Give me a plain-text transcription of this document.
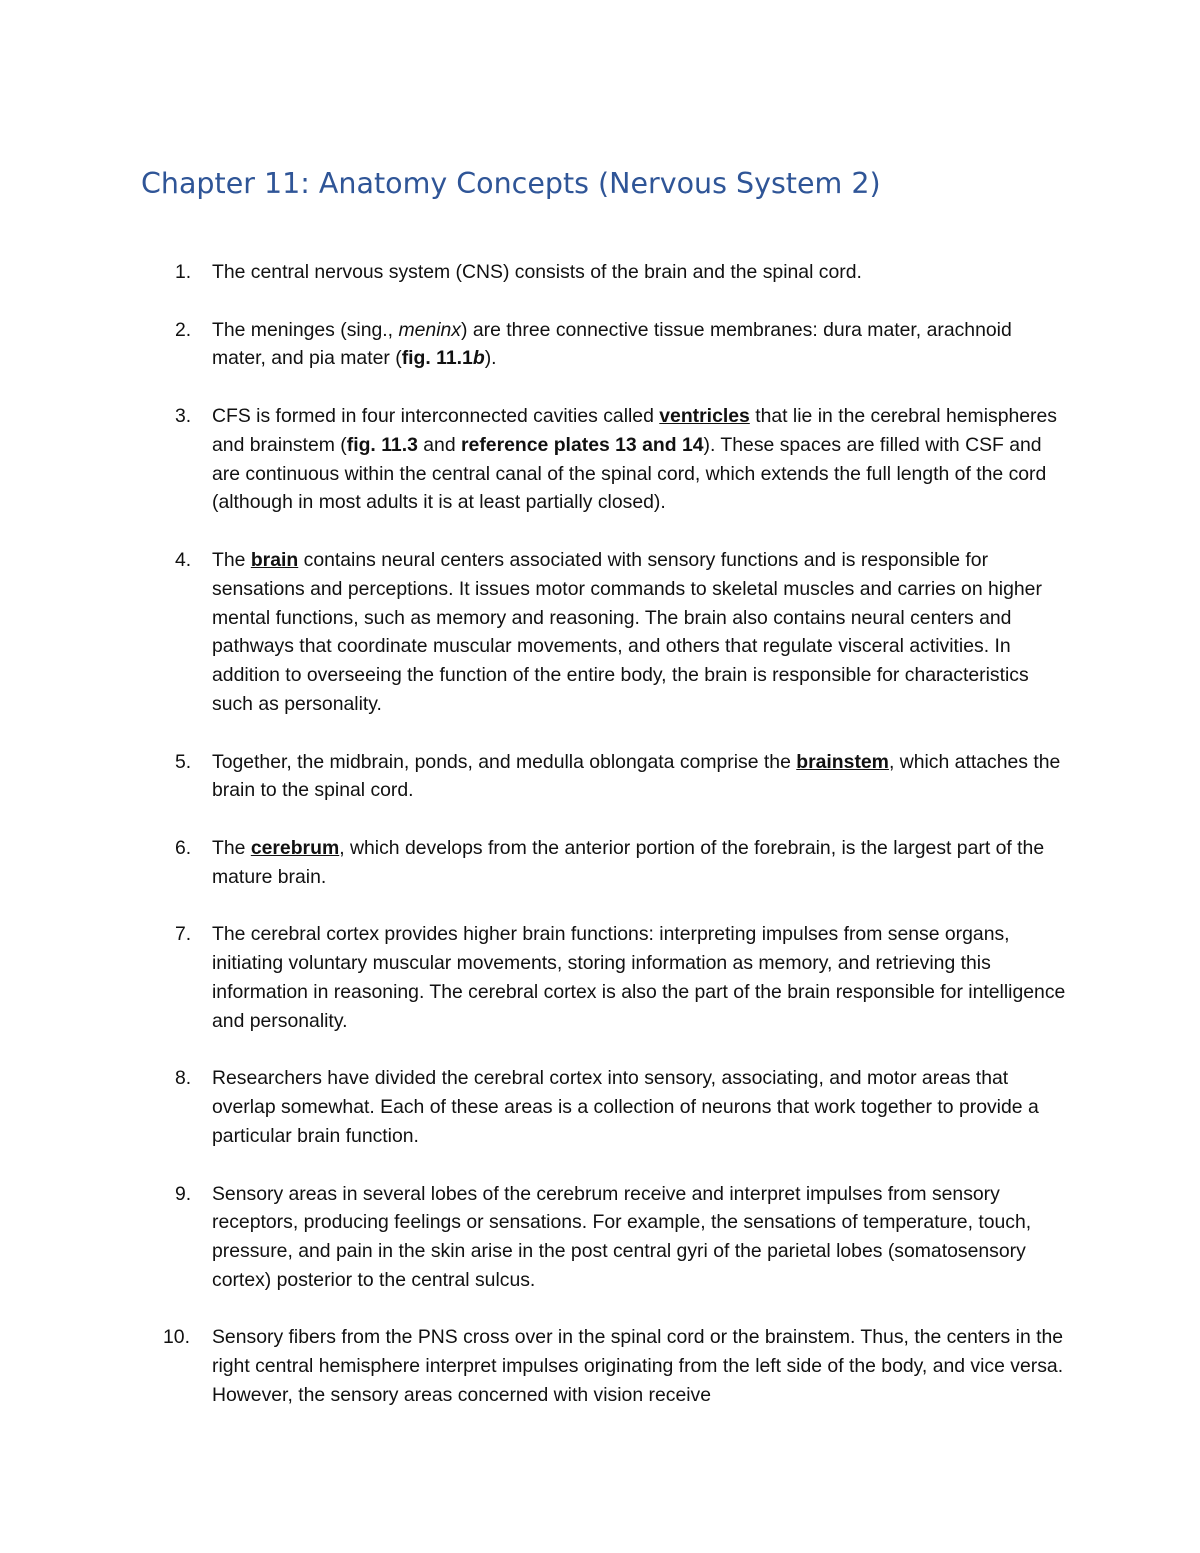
Chapter 11: Anatomy Concepts (Nervous System 2)
1. The central nervous system (CNS) consists of the brain and the spinal cord.
2. The meninges (sing., meninx) are three connective tissue membranes: dura mater, arachnoid mater, and pia mater (fig. 11.1b).
3. CFS is formed in four interconnected cavities called ventricles that lie in the cerebral hemispheres and brainstem (fig. 11.3 and reference plates 13 and 14). These spaces are filled with CSF and are continuous within the central canal of the spinal cord, which extends the full length of the cord (although in most adults it is at least partially closed).
4. The brain contains neural centers associated with sensory functions and is responsible for sensations and perceptions. It issues motor commands to skeletal muscles and carries on higher mental functions, such as memory and reasoning. The brain also contains neural centers and pathways that coordinate muscular movements, and others that regulate visceral activities. In addition to overseeing the function of the entire body, the brain is responsible for characteristics such as personality.
5. Together, the midbrain, ponds, and medulla oblongata comprise the brainstem, which attaches the brain to the spinal cord.
6. The cerebrum, which develops from the anterior portion of the forebrain, is the largest part of the mature brain.
7. The cerebral cortex provides higher brain functions: interpreting impulses from sense organs, initiating voluntary muscular movements, storing information as memory, and retrieving this information in reasoning. The cerebral cortex is also the part of the brain responsible for intelligence and personality.
8. Researchers have divided the cerebral cortex into sensory, associating, and motor areas that overlap somewhat. Each of these areas is a collection of neurons that work together to provide a particular brain function.
9. Sensory areas in several lobes of the cerebrum receive and interpret impulses from sensory receptors, producing feelings or sensations. For example, the sensations of temperature, touch, pressure, and pain in the skin arise in the post central gyri of the parietal lobes (somatosensory cortex) posterior to the central sulcus.
10. Sensory fibers from the PNS cross over in the spinal cord or the brainstem. Thus, the centers in the right central hemisphere interpret impulses originating from the left side of the body, and vice versa. However, the sensory areas concerned with vision receive
